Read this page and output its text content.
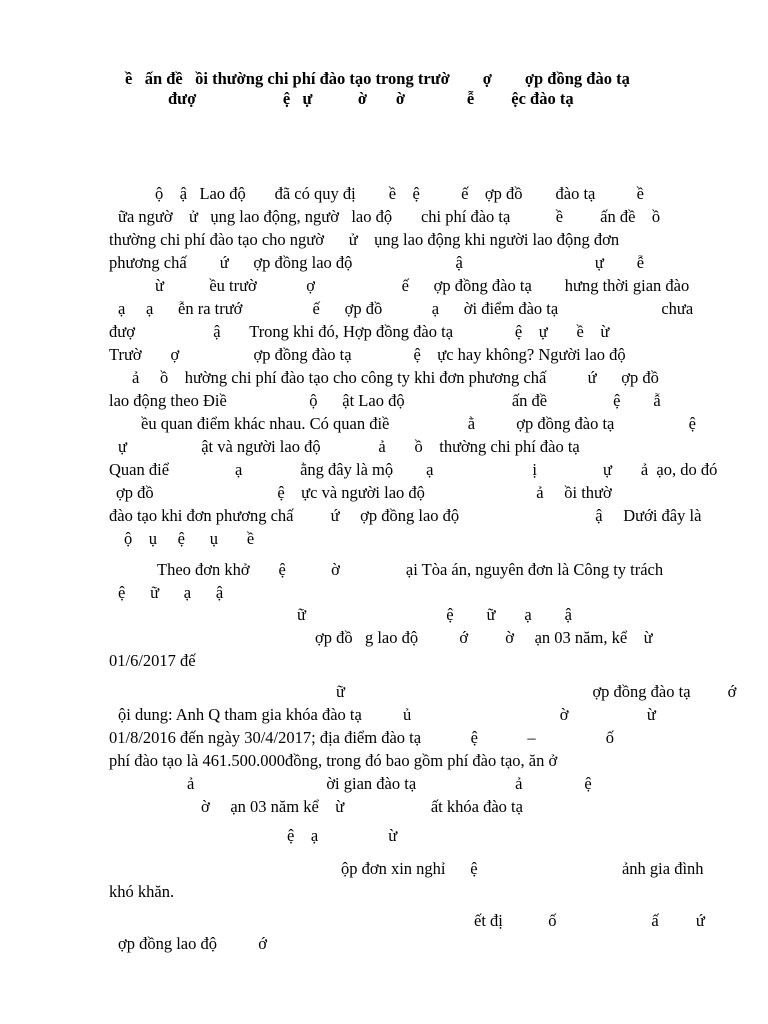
ề   ấn đề   ồi thường chi phí đào tạo trong trườ        ợ        ợp đồng đào tạ
đượ                     ệ   ự           ờ       ờ               ễ         ệc đào tạ
ộ    ậ   Lao độ       đã có quy đị        ề    ệ          ế    ợp đồ        đào tạ          ề
ữa ngườ    ử   ụng lao động, ngườ   lao độ       chi phí đào tạ           ề         ấn đề    ồ
thường chi phí đào tạo cho ngườ      ử    ụng lao động khi người lao động đơn
phương chấ        ứ      ợp đồng lao độ                         ậ                                ự        ễ
ừ           ều trườ            ợ                     ế      ợp đồng đào tạ        hưng thời gian đào
ạ     ạ      ễn ra trướ                 ế      ợp đồ            ạ      ời điểm đào tạ                         chưa
đượ                   ậ       Trong khi đó, Hợp đồng đào tạ               ệ    ự       ề    ừ
Trườ       ợ                  ợp đồng đào tạ               ệ    ực hay không? Người lao độ
ả     ồ    hường chi phí đào tạo cho công ty khi đơn phương chấ          ứ      ợp đồ
lao động theo Điề                    ộ      ật Lao độ                          ấn đề                ệ        ẫ
ều quan điểm khác nhau. Có quan điề                   ằ          ợp đồng đào tạ                  ệ
ự                  ật và người lao độ              ả       ồ    thường chi phí đào tạ
Quan điể                ạ              ằng đây là mộ        ạ                        ị                ự       ả  ạo, do đó
ợp đồ                              ệ    ực và người lao độ                           ả     ồi thườ
đào tạo khi đơn phương chấ         ứ     ợp đồng lao độ                                 ậ     Dưới đây là
ộ    ụ     ệ      ụ       ề
Theo đơn khở       ệ           ờ                ại Tòa án, nguyên đơn là Công ty trách
ệ      ữ      ạ      ậ
ữ                                  ệ        ữ       ạ        ậ
ợp đồ   g lao độ          ớ         ờ     ạn 03 năm, kể    ừ
01/6/2017 đế
ữ                                                            ợp đồng đào tạ         ớ
ội dung: Anh Q tham gia khóa đào tạ          ủ                                    ờ                   ừ
01/8/2016 đến ngày 30/4/2017; địa điểm đào tạ            ệ            –                 ố
phí đào tạo là 461.500.000đồng, trong đó bao gồm phí đào tạo, ăn ở
ả                                ời gian đào tạ                        ả               ệ
ờ     ạn 03 năm kể    ừ                     ất khóa đào tạ
ệ    ạ                 ừ
ộp đơn xin nghỉ      ệ                                   ảnh gia đình
khó khăn.
ết đị           ố                       ấ         ứ
ợp đồng lao độ          ớ
